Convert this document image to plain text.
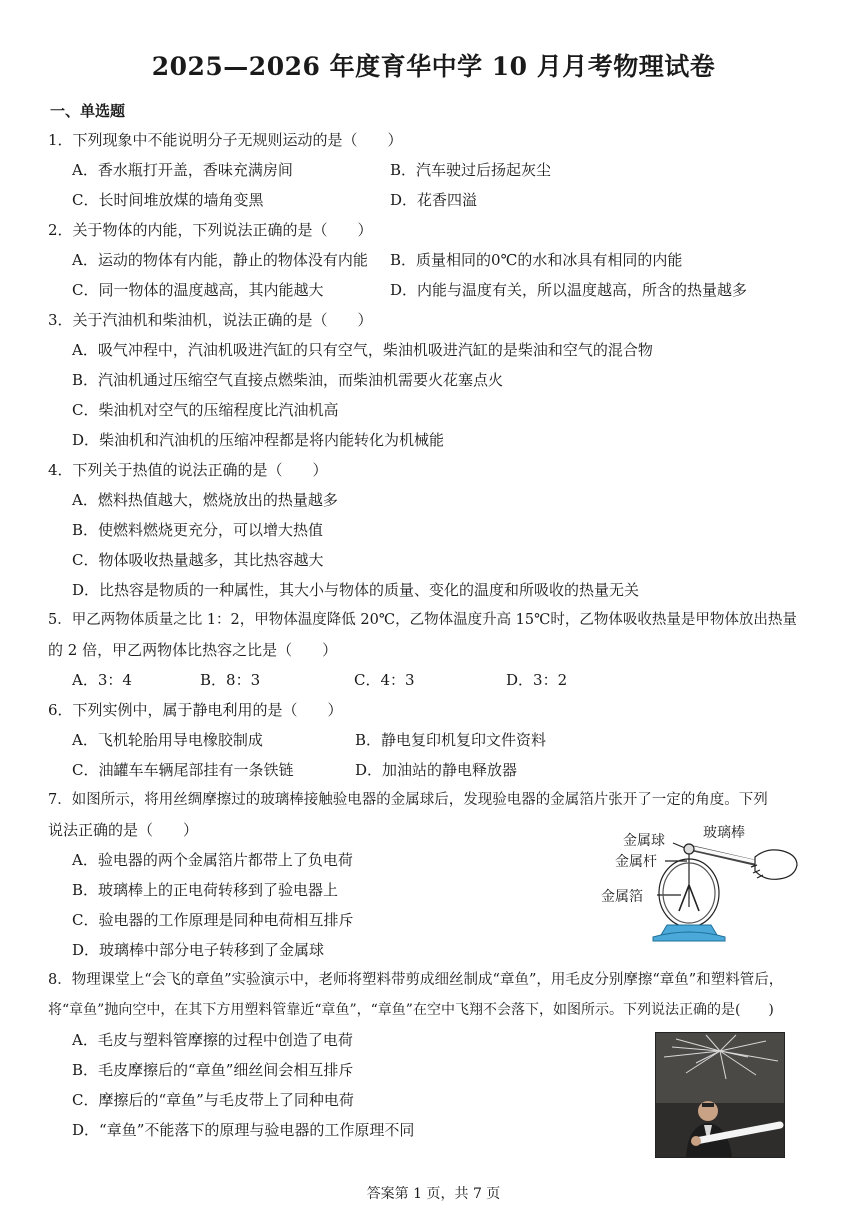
2025—2026 年度育华中学 10 月月考物理试卷
一、单选题
1．下列现象中不能说明分子无规则运动的是（　　）
A．香水瓶打开盖，香味充满房间	B．汽车驶过后扬起灰尘
C．长时间堆放煤的墙角变黑	D．花香四溢
2．关于物体的内能，下列说法正确的是（　　）
A．运动的物体有内能，静止的物体没有内能 B．质量相同的0℃的水和冰具有相同的内能
C．同一物体的温度越高，其内能越大	D．内能与温度有关，所以温度越高，所含的热量越多
3．关于汽油机和柴油机，说法正确的是（　　）
A．吸气冲程中，汽油机吸进汽缸的只有空气，柴油机吸进汽缸的是柴油和空气的混合物
B．汽油机通过压缩空气直接点燃柴油，而柴油机需要火花塞点火
C．柴油机对空气的压缩程度比汽油机高
D．柴油机和汽油机的压缩冲程都是将内能转化为机械能
4．下列关于热值的说法正确的是（　　）
A．燃料热值越大，燃烧放出的热量越多
B．使燃料燃烧更充分，可以增大热值
C．物体吸收热量越多，其比热容越大
D．比热容是物质的一种属性，其大小与物体的质量、变化的温度和所吸收的热量无关
5．甲乙两物体质量之比 1：2，甲物体温度降低 20℃，乙物体温度升高 15℃时，乙物体吸收热量是甲物体放出热量
的 2 倍，甲乙两物体比热容之比是（　　）
A．3：4	B．8：3	C．4：3	D．3：2
6．下列实例中，属于静电利用的是（　　）
A．飞机轮胎用导电橡胶制成	B．静电复印机复印文件资料
C．油罐车车辆尾部挂有一条铁链	D．加油站的静电释放器
7．如图所示，将用丝绸摩擦过的玻璃棒接触验电器的金属球后，发现验电器的金属箔片张开了一定的角度。下列
说法正确的是（　　）
A．验电器的两个金属箔片都带上了负电荷
B．玻璃棒上的正电荷转移到了验电器上
C．验电器的工作原理是同种电荷相互排斥
D．玻璃棒中部分电子转移到了金属球
金属球	玻璃棒
金属杆
金属箔
8．物理课堂上“会飞的章鱼”实验演示中，老师将塑料带剪成细丝制成“章鱼”，用毛皮分别摩擦“章鱼”和塑料管后，
将“章鱼”抛向空中，在其下方用塑料管靠近“章鱼”，“章鱼”在空中飞翔不会落下，如图所示。下列说法正确的是(　　)
A．毛皮与塑料管摩擦的过程中创造了电荷
B．毛皮摩擦后的“章鱼”细丝间会相互排斥
C．摩擦后的“章鱼”与毛皮带上了同种电荷
D．“章鱼”不能落下的原理与验电器的工作原理不同
答案第 1 页，共 7 页
